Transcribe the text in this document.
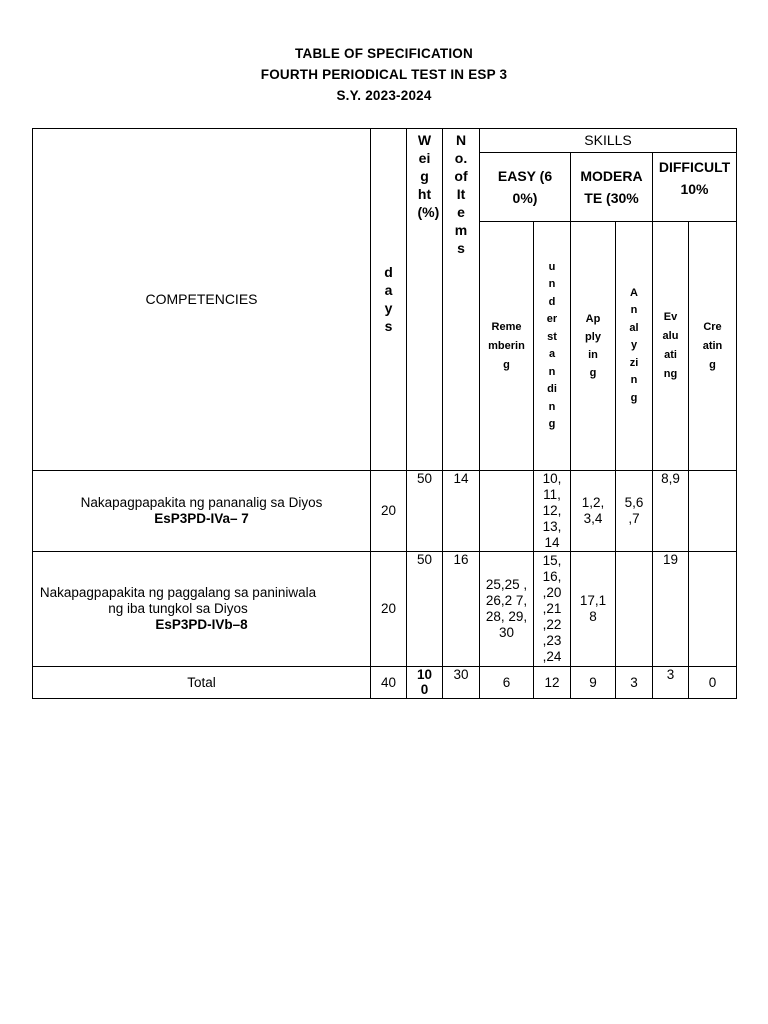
TABLE OF SPECIFICATION
FOURTH PERIODICAL TEST IN ESP 3
S.Y. 2023-2024
COMPETENCIES	days	Weight(%)	No.ofItems	SKILLS					
				EASY (60%)		MODERATE (30%		DIFFICULT 10%	
				Remembering	understanding	Applying	Analyzing	Evaluating	Creating

Nakapagpapakita ng pananalig sa Diyos
EsP3PD-IVa– 7	20	50	14		10, 11, 12, 13, 14	1,2, 3,4	5,6 ,7	8,9	

Nakapagpapakita ng paggalang sa paniniwala ng iba tungkol sa Diyos
EsP3PD-IVb–8	20	50	16	25,25 ,26,2 7,28, 29,30	15, 16, ,20 ,21 ,22 ,23 ,24	17,1 8		19	
Total	40	100	30	6	12	9	3	3	0
